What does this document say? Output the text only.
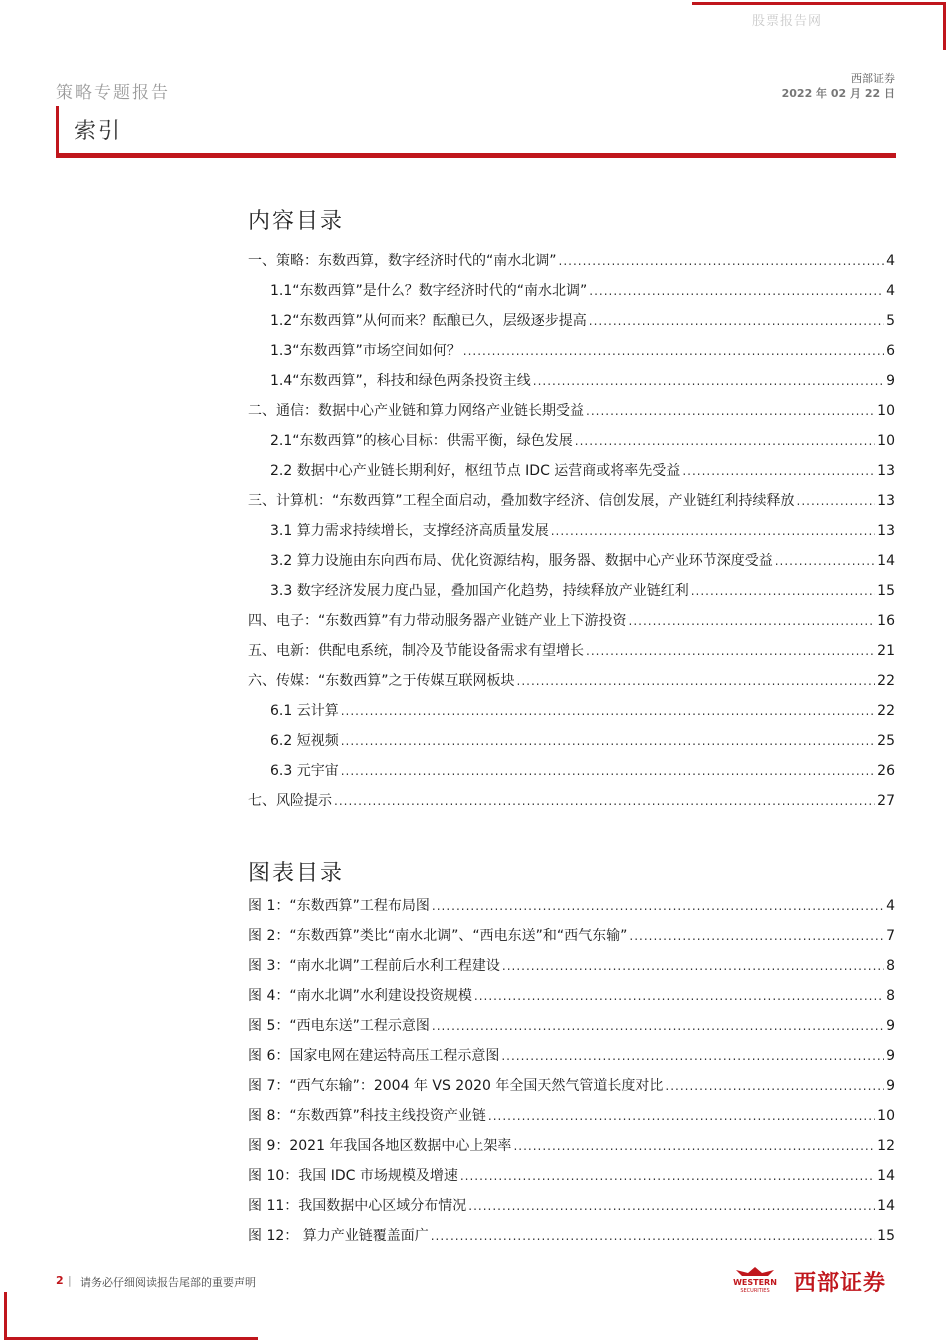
股票报告网
策略专题报告
西部证券
2022 年 02 月 22 日
索引
内容目录
一、策略：东数西算，数字经济时代的“南水北调” .....	4
1.1“东数西算”是什么？数字经济时代的“南水北调” .....	4
1.2“东数西算”从何而来？酝酿已久，层级逐步提高 .....	5
1.3“东数西算”市场空间如何？ .....	6
1.4“东数西算”，科技和绿色两条投资主线 .....	9
二、通信：数据中心产业链和算力网络产业链长期受益 .....	10
2.1“东数西算”的核心目标：供需平衡，绿色发展 .....	10
2.2 数据中心产业链长期利好，枢纽节点 IDC 运营商或将率先受益 .....	13
三、计算机：“东数西算”工程全面启动，叠加数字经济、信创发展，产业链红利持续释放 .....	13
3.1 算力需求持续增长，支撑经济高质量发展 .....	13
3.2 算力设施由东向西布局、优化资源结构，服务器、数据中心产业环节深度受益 .....	14
3.3 数字经济发展力度凸显，叠加国产化趋势，持续释放产业链红利 .....	15
四、电子：“东数西算”有力带动服务器产业链产业上下游投资 .....	16
五、电新：供配电系统，制冷及节能设备需求有望增长 .....	21
六、传媒：“东数西算”之于传媒互联网板块 .....	22
6.1 云计算 .....	22
6.2 短视频 .....	25
6.3 元宇宙 .....	26
七、风险提示 .....	27
图表目录
图 1：“东数西算”工程布局图 .....	4
图 2：“东数西算”类比“南水北调”、“西电东送”和“西气东输” .....	7
图 3：“南水北调”工程前后水利工程建设 .....	8
图 4：“南水北调”水利建设投资规模 .....	8
图 5：“西电东送”工程示意图 .....	9
图 6：国家电网在建运特高压工程示意图 .....	9
图 7：“西气东输”：2004 年 VS 2020 年全国天然气管道长度对比 .....	9
图 8：“东数西算”科技主线投资产业链 .....	10
图 9：2021 年我国各地区数据中心上架率 .....	12
图 10：我国 IDC 市场规模及增速 .....	14
图 11：我国数据中心区域分布情况 .....	14
图 12： 算力产业链覆盖面广 .....	15
2 | 请务必仔细阅读报告尾部的重要声明	WESTERN
SECURITIES 西部证券
